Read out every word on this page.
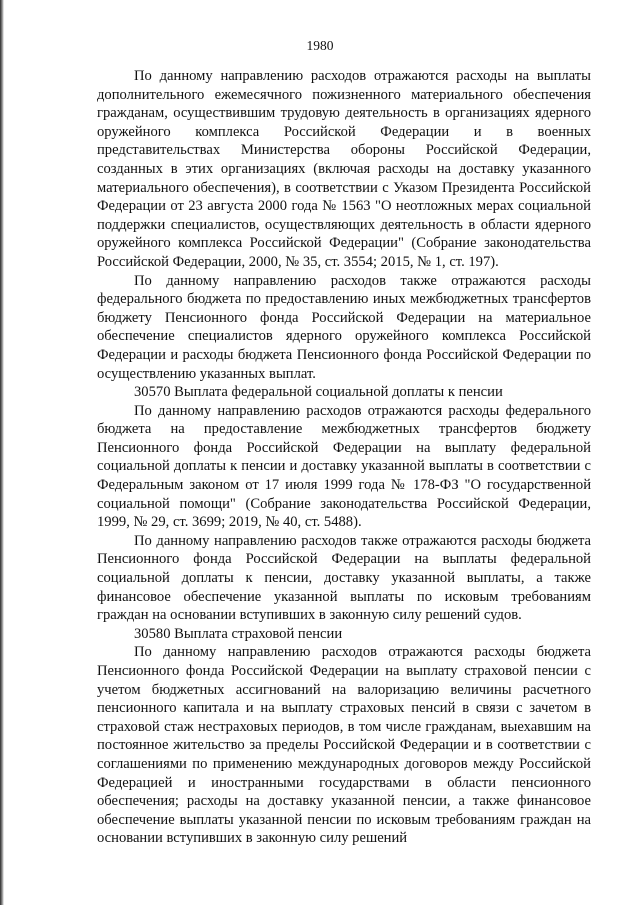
1980

По данному направлению расходов отражаются расходы на выплаты дополнительного ежемесячного пожизненного материального обеспечения гражданам, осуществившим трудовую деятельность в организациях ядерного оружейного комплекса Российской Федерации и в военных представительствах Министерства обороны Российской Федерации, созданных в этих организациях (включая расходы на доставку указанного материального обеспечения), в соответствии с Указом Президента Российской Федерации от 23 августа 2000 года № 1563 "О неотложных мерах социальной поддержки специалистов, осуществляющих деятельность в области ядерного оружейного комплекса Российской Федерации" (Собрание законодательства Российской Федерации, 2000, № 35, ст. 3554; 2015, № 1, ст. 197).

По данному направлению расходов также отражаются расходы федерального бюджета по предоставлению иных межбюджетных трансфертов бюджету Пенсионного фонда Российской Федерации на материальное обеспечение специалистов ядерного оружейного комплекса Российской Федерации и расходы бюджета Пенсионного фонда Российской Федерации по осуществлению указанных выплат.

30570 Выплата федеральной социальной доплаты к пенсии

По данному направлению расходов отражаются расходы федерального бюджета на предоставление межбюджетных трансфертов бюджету Пенсионного фонда Российской Федерации на выплату федеральной социальной доплаты к пенсии и доставку указанной выплаты в соответствии с Федеральным законом от 17 июля 1999 года № 178-ФЗ "О государственной социальной помощи" (Собрание законодательства Российской Федерации, 1999, № 29, ст. 3699; 2019, № 40, ст. 5488).

По данному направлению расходов также отражаются расходы бюджета Пенсионного фонда Российской Федерации на выплаты федеральной социальной доплаты к пенсии, доставку указанной выплаты, а также финансовое обеспечение указанной выплаты по исковым требованиям граждан на основании вступивших в законную силу решений судов.

30580 Выплата страховой пенсии

По данному направлению расходов отражаются расходы бюджета Пенсионного фонда Российской Федерации на выплату страховой пенсии с учетом бюджетных ассигнований на валоризацию величины расчетного пенсионного капитала и на выплату страховых пенсий в связи с зачетом в страховой стаж нестраховых периодов, в том числе гражданам, выехавшим на постоянное жительство за пределы Российской Федерации и в соответствии с соглашениями по применению международных договоров между Российской Федерацией и иностранными государствами в области пенсионного обеспечения; расходы на доставку указанной пенсии, а также финансовое обеспечение выплаты указанной пенсии по исковым требованиям граждан на основании вступивших в законную силу решений
